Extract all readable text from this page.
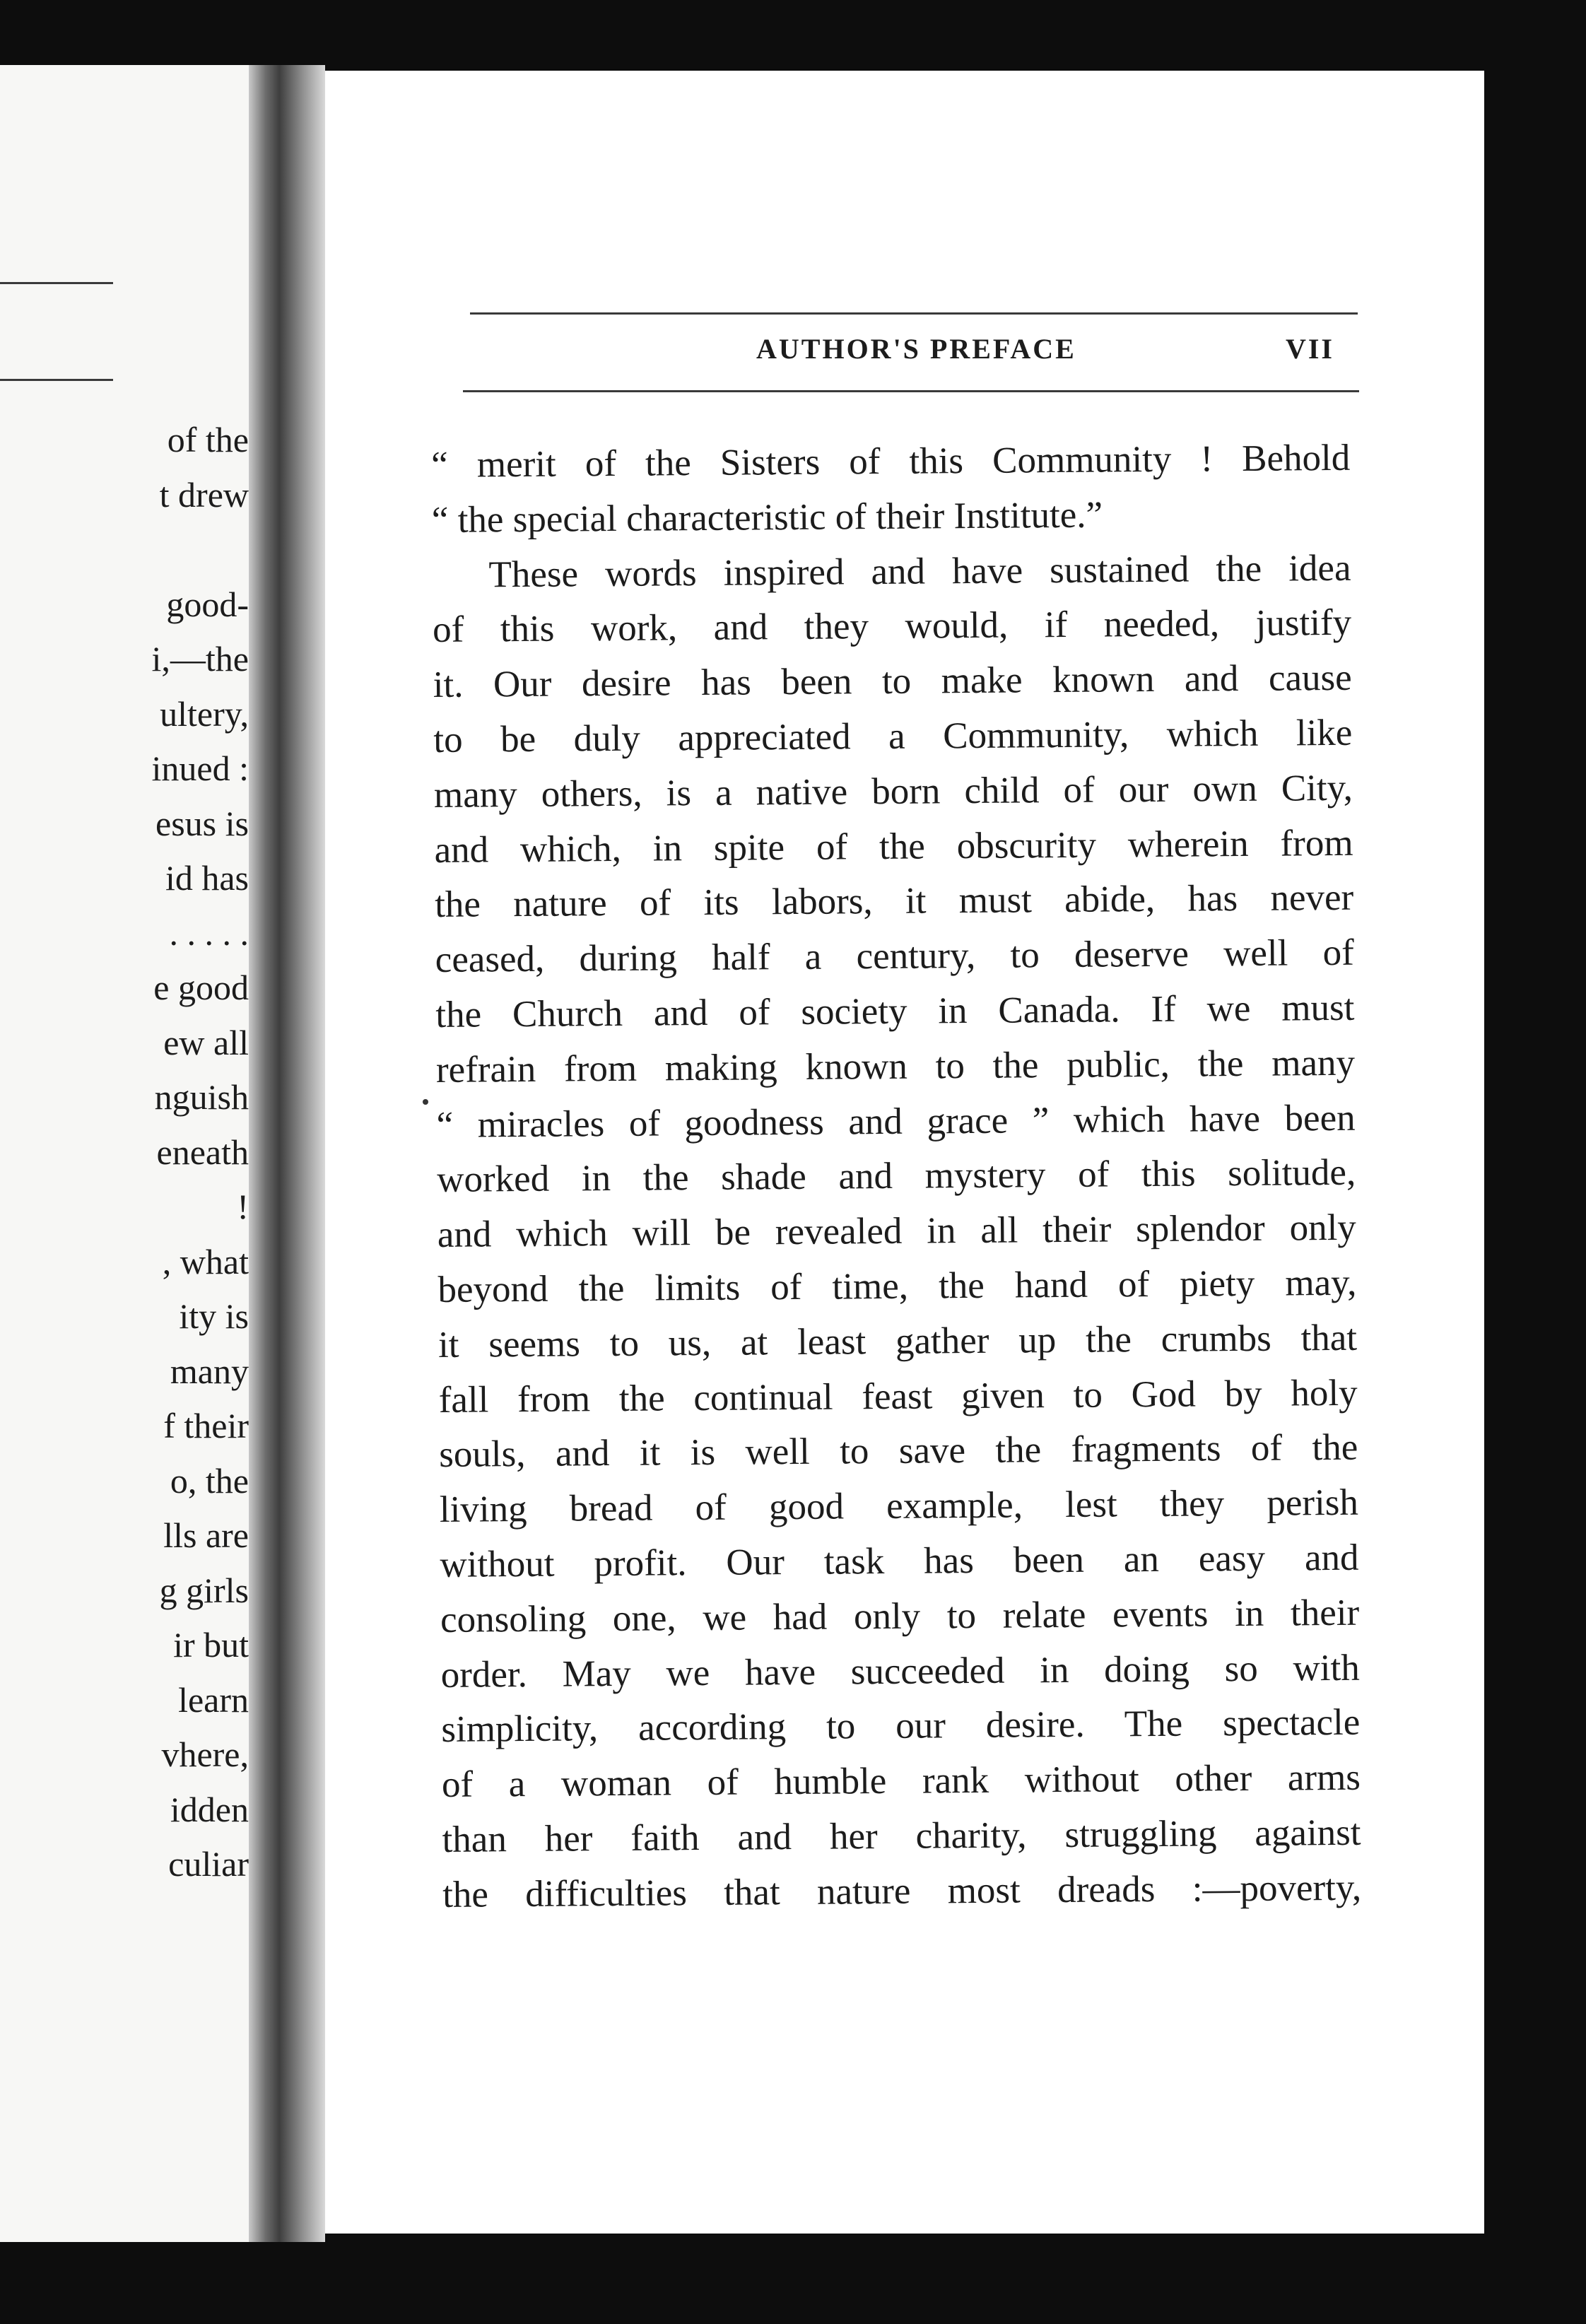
of the
t drew
good-
i,—the
ultery,
inued :
esus is
id has
. . . . .
e good
ew all
nguish
eneath
!
, what
ity is
many
f their
o, the
lls are
g girls
ir but
learn
vhere,
idden
culiar
AUTHOR'S PREFACE	VII
“ merit of the Sisters of this Community ! Behold
“ the special characteristic of their Institute.”
These words inspired and have sustained the idea
of this work, and they would, if needed, justify
it. Our desire has been to make known and cause
to be duly appreciated a Community, which like
many others, is a native born child of our own City,
and which, in spite of the obscurity wherein from
the nature of its labors, it must abide, has never
ceased, during half a century, to deserve well of
the Church and of society in Canada. If we must
refrain from making known to the public, the many
“ miracles of goodness and grace ” which have been
worked in the shade and mystery of this solitude,
and which will be revealed in all their splendor only
beyond the limits of time, the hand of piety may,
it seems to us, at least gather up the crumbs that
fall from the continual feast given to God by holy
souls, and it is well to save the fragments of the
living bread of good example, lest they perish
without profit. Our task has been an easy and
consoling one, we had only to relate events in their
order. May we have succeeded in doing so with
simplicity, according to our desire. The spectacle
of a woman of humble rank without other arms
than her faith and her charity, struggling against
the difficulties that nature most dreads :—poverty,
